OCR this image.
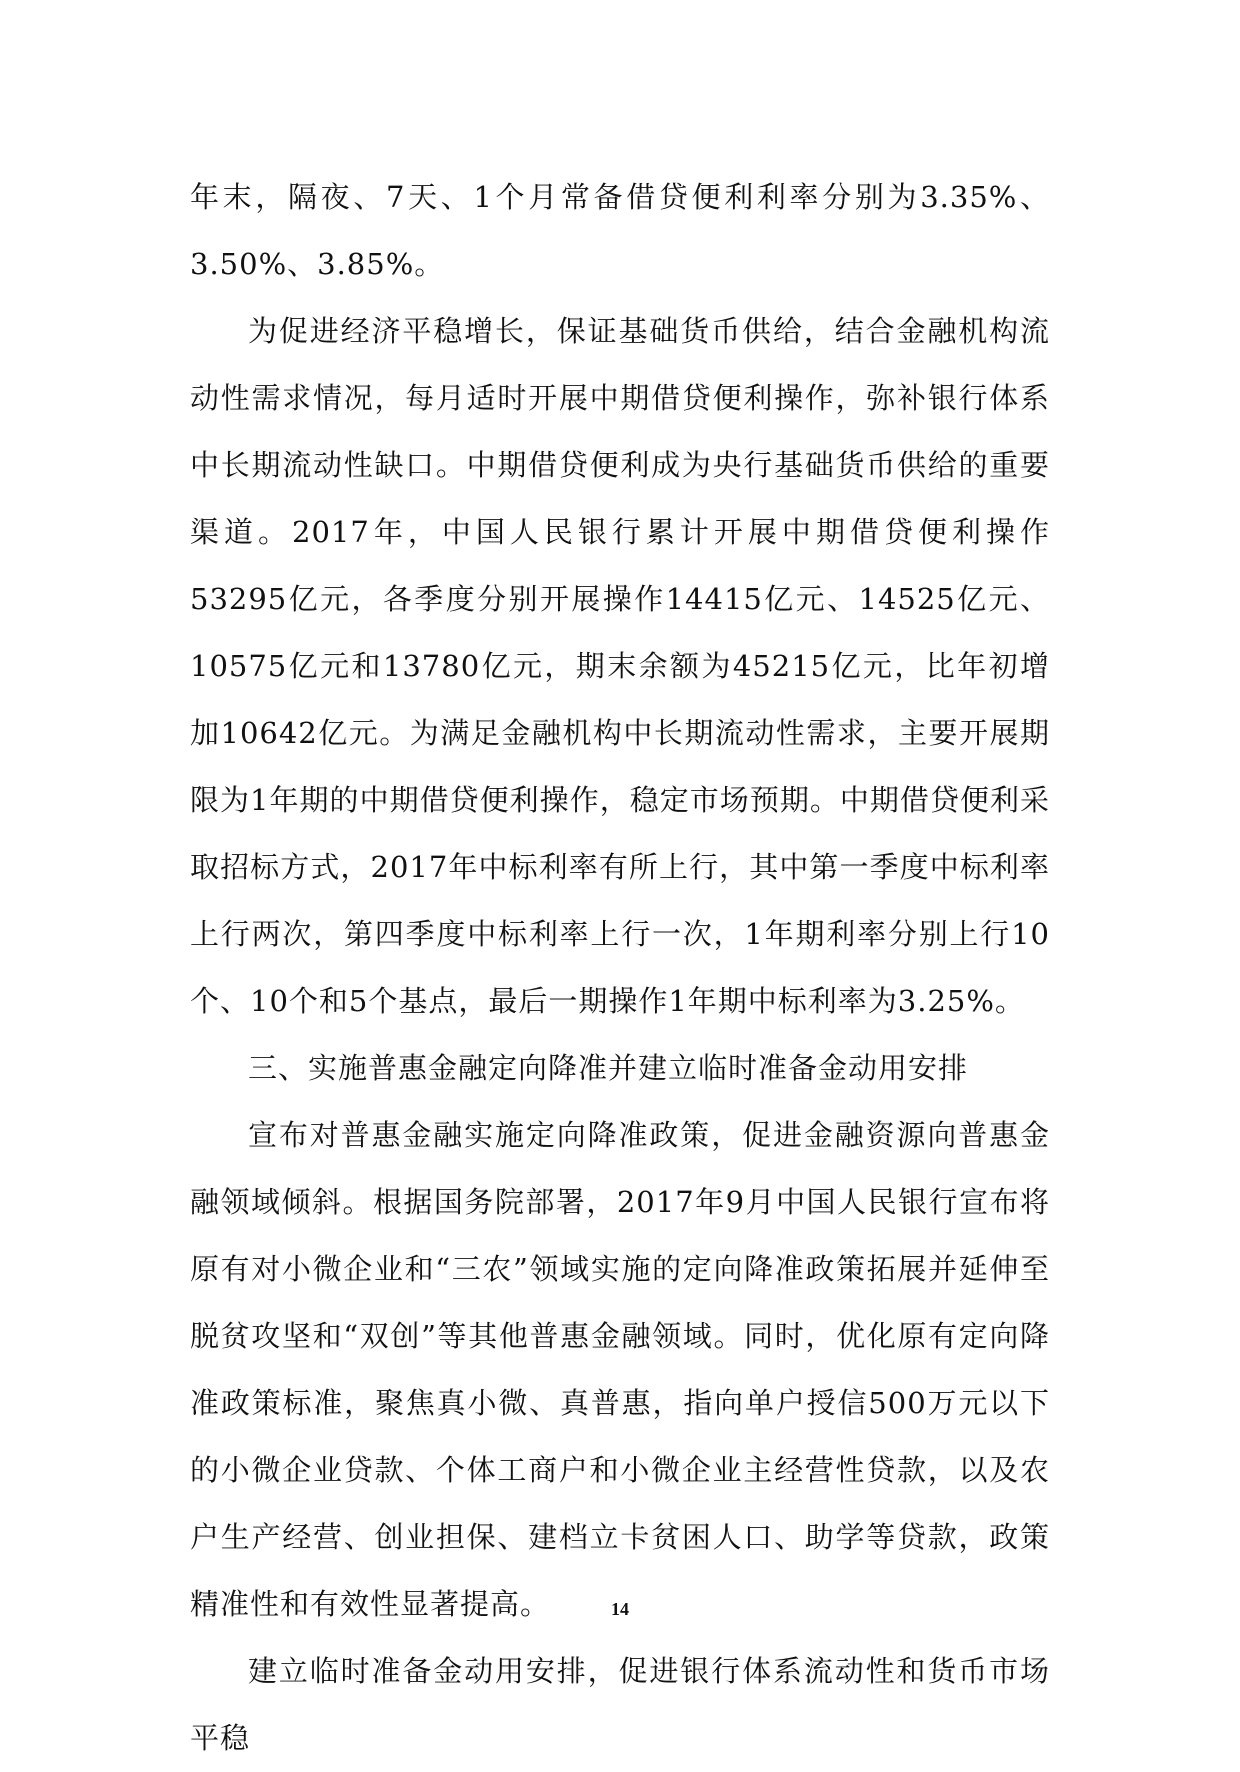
年末，隔夜、7天、1个月常备借贷便利利率分别为3.35%、3.50%、3.85%。

为促进经济平稳增长，保证基础货币供给，结合金融机构流动性需求情况，每月适时开展中期借贷便利操作，弥补银行体系中长期流动性缺口。中期借贷便利成为央行基础货币供给的重要渠道。2017年，中国人民银行累计开展中期借贷便利操作53295亿元，各季度分别开展操作14415亿元、14525亿元、10575亿元和13780亿元，期末余额为45215亿元，比年初增加10642亿元。为满足金融机构中长期流动性需求，主要开展期限为1年期的中期借贷便利操作，稳定市场预期。中期借贷便利采取招标方式，2017年中标利率有所上行，其中第一季度中标利率上行两次，第四季度中标利率上行一次，1年期利率分别上行10个、10个和5个基点，最后一期操作1年期中标利率为3.25%。

三、实施普惠金融定向降准并建立临时准备金动用安排

宣布对普惠金融实施定向降准政策，促进金融资源向普惠金融领域倾斜。根据国务院部署，2017年9月中国人民银行宣布将原有对小微企业和“三农”领域实施的定向降准政策拓展并延伸至脱贫攻坚和“双创”等其他普惠金融领域。同时，优化原有定向降准政策标准，聚焦真小微、真普惠，指向单户授信500万元以下的小微企业贷款、个体工商户和小微企业主经营性贷款，以及农户生产经营、创业担保、建档立卡贫困人口、助学等贷款，政策精准性和有效性显著提高。

建立临时准备金动用安排，促进银行体系流动性和货币市场平稳

14
